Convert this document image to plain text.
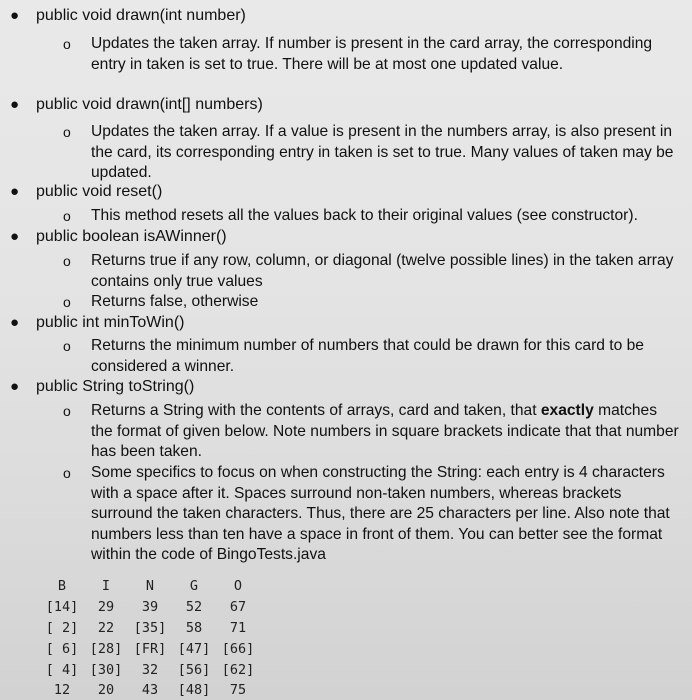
● public void drawn(int number)
o Updates the taken array. If number is present in the card array, the corresponding entry in taken is set to true. There will be at most one updated value.
● public void drawn(int[] numbers)
o Updates the taken array. If a value is present in the numbers array, is also present in the card, its corresponding entry in taken is set to true. Many values of taken may be updated.
● public void reset()
o This method resets all the values back to their original values (see constructor).
● public boolean isAWinner()
o Returns true if any row, column, or diagonal (twelve possible lines) in the taken array contains only true values
o Returns false, otherwise
● public int minToWin()
o Returns the minimum number of numbers that could be drawn for this card to be considered a winner.
● public String toString()
o Returns a String with the contents of arrays, card and taken, that exactly matches the format of given below. Note numbers in square brackets indicate that that number has been taken.
o Some specifics to focus on when constructing the String: each entry is 4 characters with a space after it. Spaces surround non-taken numbers, whereas brackets surround the taken characters. Thus, there are 25 characters per line. Also note that numbers less than ten have a space in front of them. You can better see the format within the code of BingoTests.java
B	I	N	G	O
[14]	29	39	52	67
[ 2]	22	[35]	58	71
[ 6] [28] [FR] [47] [66]
[ 4] [30]	32	[56] [62]
12	20	43	[48]	75
